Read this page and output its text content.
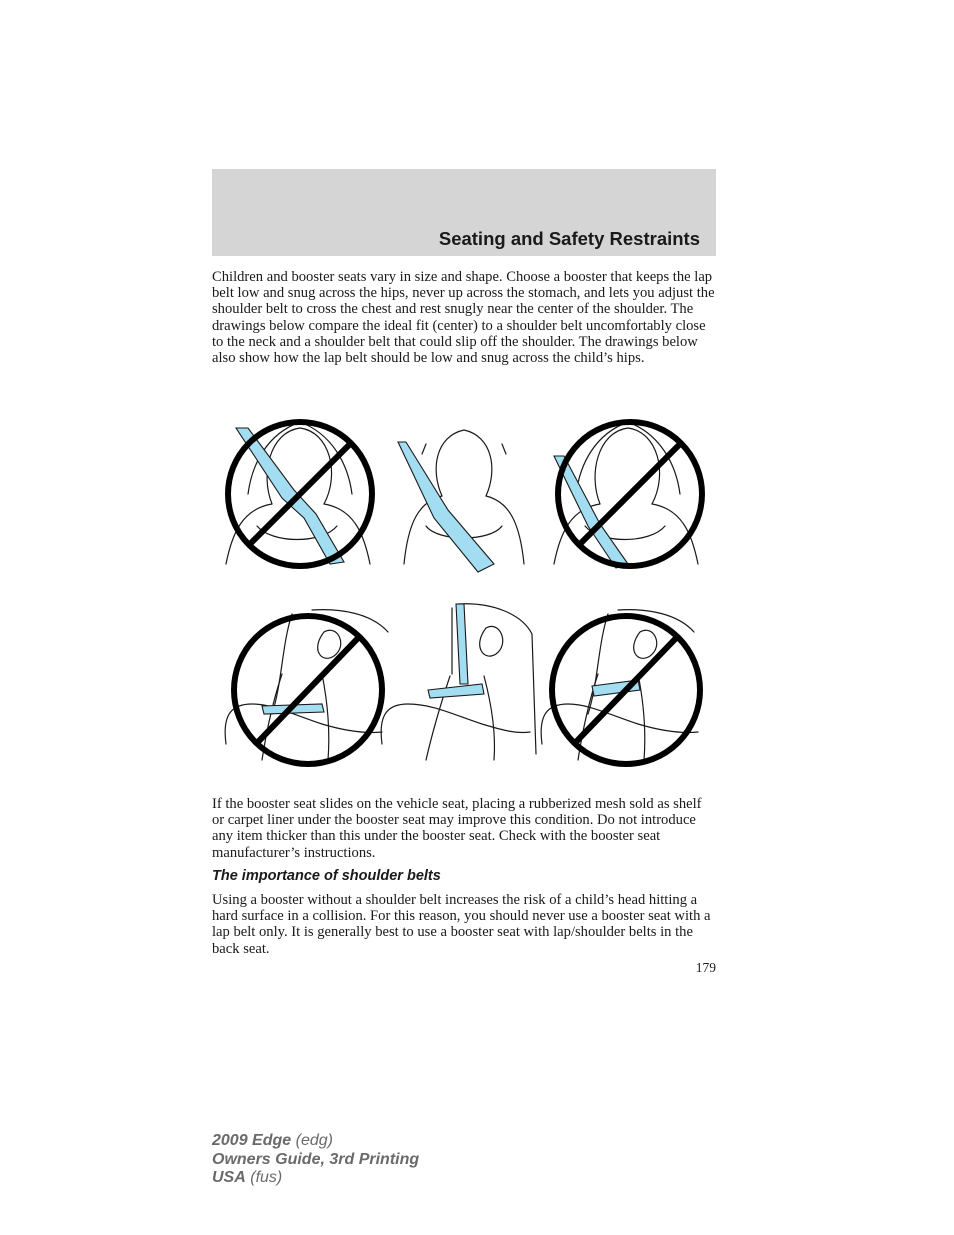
Seating and Safety Restraints

Children and booster seats vary in size and shape. Choose a booster that keeps the lap belt low and snug across the hips, never up across the stomach, and lets you adjust the shoulder belt to cross the chest and rest snugly near the center of the shoulder. The drawings below compare the ideal fit (center) to a shoulder belt uncomfortably close to the neck and a shoulder belt that could slip off the shoulder. The drawings below also show how the lap belt should be low and snug across the child’s hips.

If the booster seat slides on the vehicle seat, placing a rubberized mesh sold as shelf or carpet liner under the booster seat may improve this condition. Do not introduce any item thicker than this under the booster seat. Check with the booster seat manufacturer’s instructions.

The importance of shoulder belts

Using a booster without a shoulder belt increases the risk of a child’s head hitting a hard surface in a collision. For this reason, you should never use a booster seat with a lap belt only. It is generally best to use a booster seat with lap/shoulder belts in the back seat.

179
2009 Edge (edg)
Owners Guide, 3rd Printing
USA (fus)
